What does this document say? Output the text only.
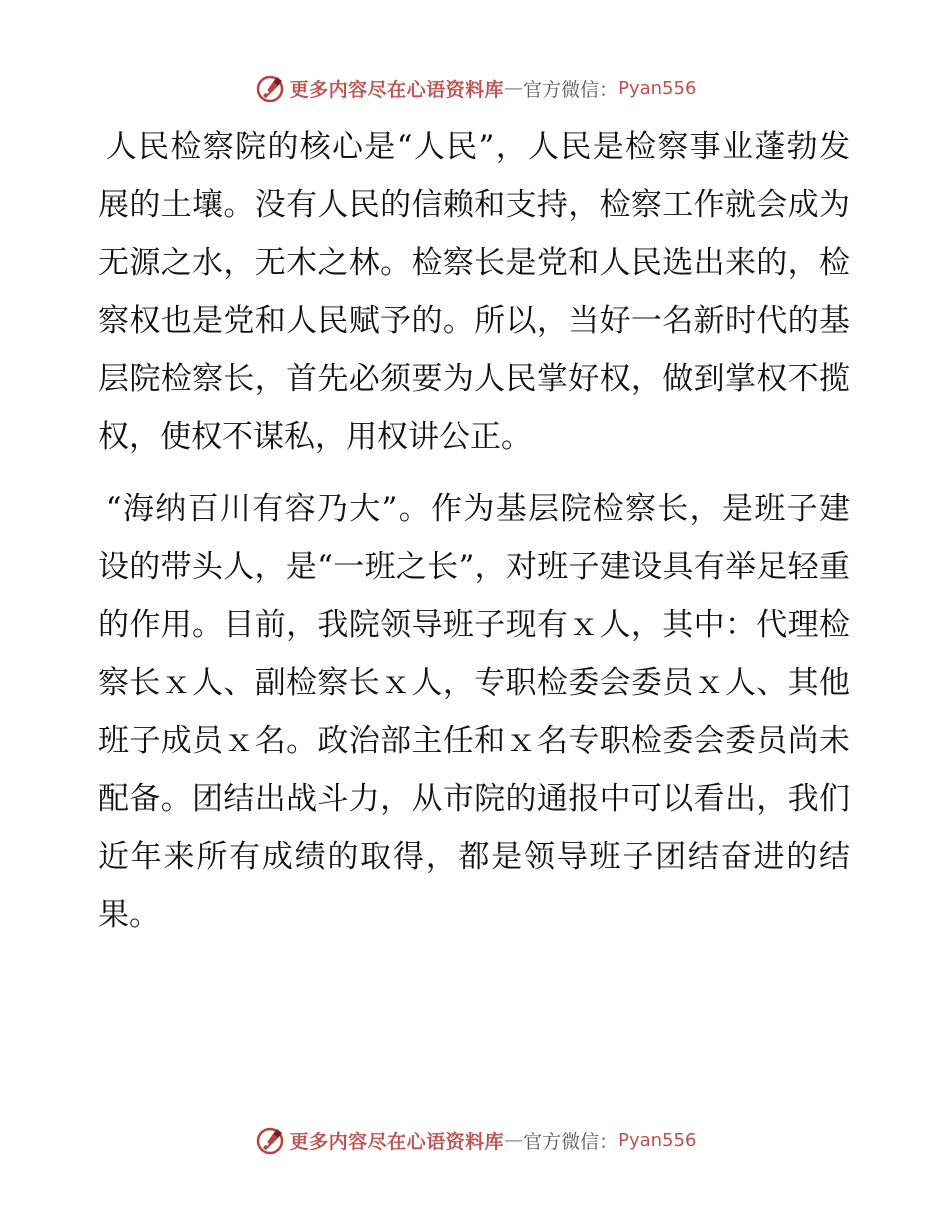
更多内容尽在心语资料库 — 官方微信： Pyan556

人民检察院的核心是“人民”，人民是检察事业蓬勃发展的土壤。没有人民的信赖和支持，检察工作就会成为无源之水，无木之林。检察长是党和人民选出来的，检察权也是党和人民赋予的。所以，当好一名新时代的基层院检察长，首先必须要为人民掌好权，做到掌权不揽权，使权不谋私，用权讲公正。

“海纳百川有容乃大”。作为基层院检察长，是班子建设的带头人，是“一班之长”，对班子建设具有举足轻重的作用。目前，我院领导班子现有ｘ人，其中：代理检察长ｘ人、副检察长ｘ人，专职检委会委员ｘ人、其他班子成员ｘ名。政治部主任和ｘ名专职检委会委员尚未配备。团结出战斗力，从市院的通报中可以看出，我们近年来所有成绩的取得，都是领导班子团结奋进的结果。

更多内容尽在心语资料库 — 官方微信： Pyan556
